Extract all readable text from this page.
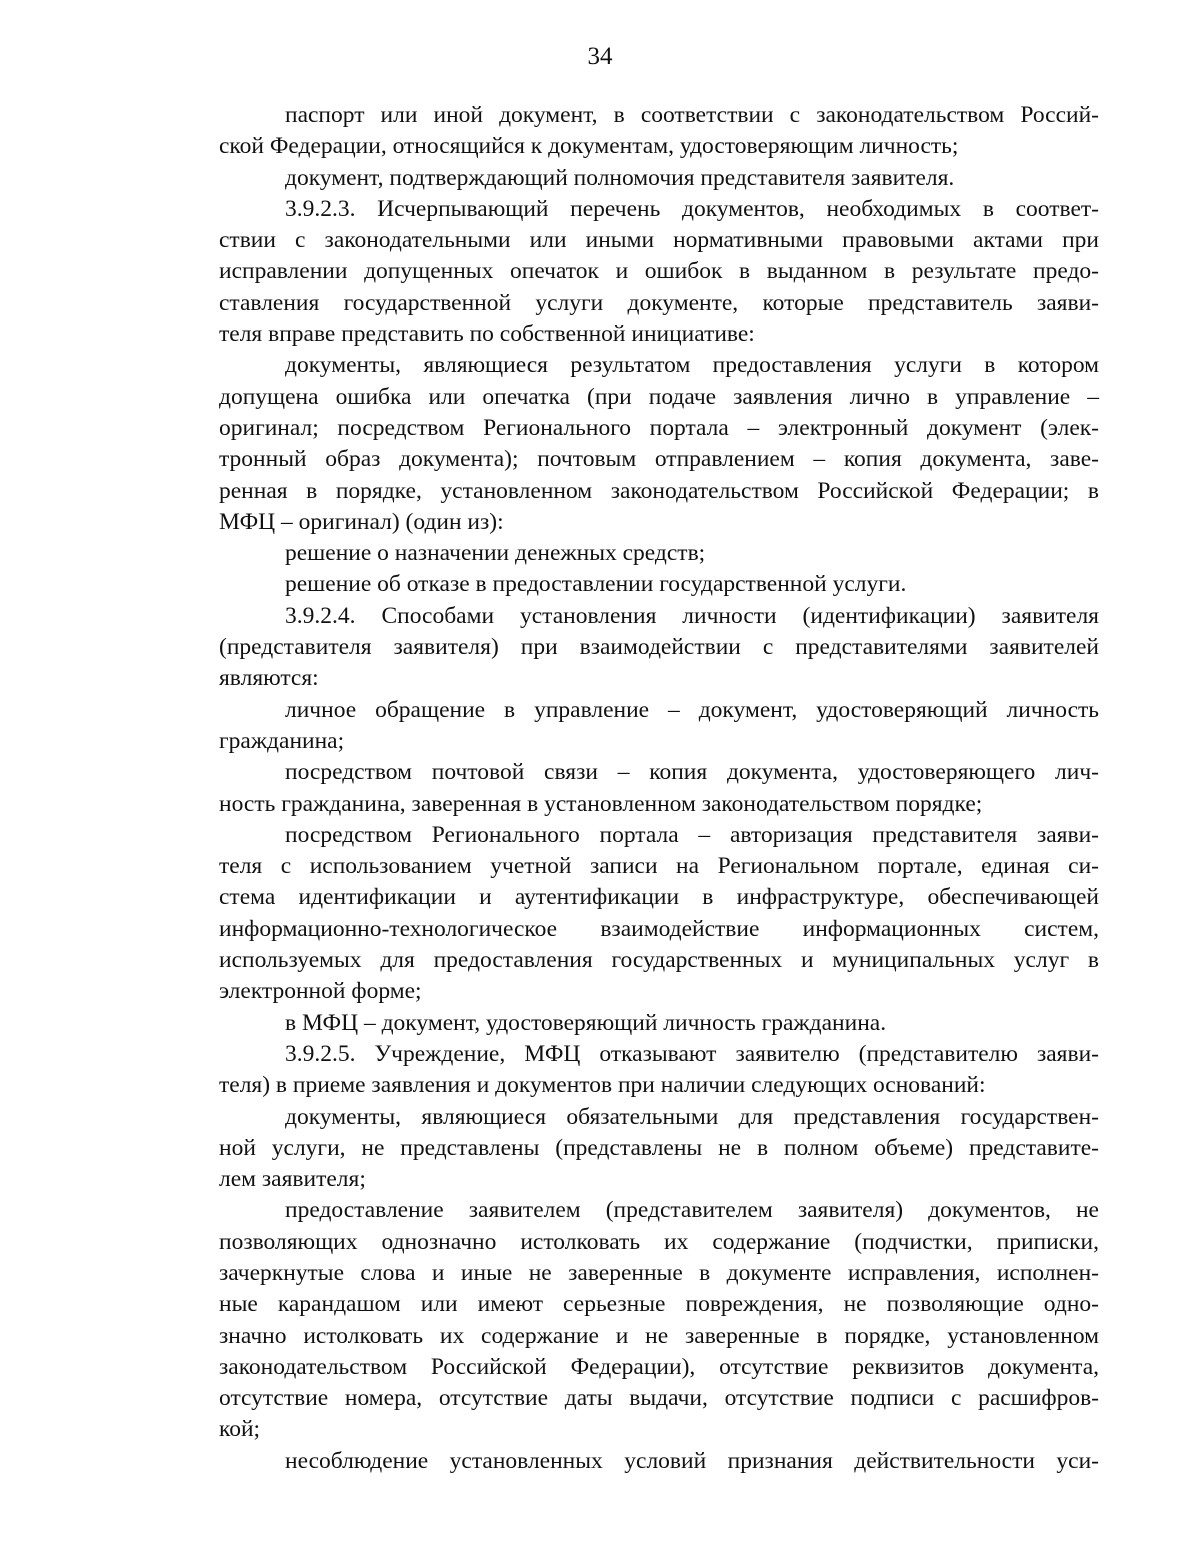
34
паспорт или иной документ, в соответствии с законодательством Россий-
ской Федерации, относящийся к документам, удостоверяющим личность;
документ, подтверждающий полномочия представителя заявителя.
3.9.2.3. Исчерпывающий перечень документов, необходимых в соответ-
ствии с законодательными или иными нормативными правовыми актами при
исправлении допущенных опечаток и ошибок в выданном в результате предо-
ставления государственной услуги документе, которые представитель заяви-
теля вправе представить по собственной инициативе:
документы, являющиеся результатом предоставления услуги в котором
допущена ошибка или опечатка (при подаче заявления лично в управление –
оригинал; посредством Регионального портала – электронный документ (элек-
тронный образ документа); почтовым отправлением – копия документа, заве-
ренная в порядке, установленном законодательством Российской Федерации; в
МФЦ – оригинал) (один из):
решение о назначении денежных средств;
решение об отказе в предоставлении государственной услуги.
3.9.2.4. Способами установления личности (идентификации) заявителя
(представителя заявителя) при взаимодействии с представителями заявителей
являются:
личное обращение в управление – документ, удостоверяющий личность
гражданина;
посредством почтовой связи – копия документа, удостоверяющего лич-
ность гражданина, заверенная в установленном законодательством порядке;
посредством Регионального портала – авторизация представителя заяви-
теля с использованием учетной записи на Региональном портале, единая си-
стема идентификации и аутентификации в инфраструктуре, обеспечивающей
информационно-технологическое взаимодействие информационных систем,
используемых для предоставления государственных и муниципальных услуг в
электронной форме;
в МФЦ – документ, удостоверяющий личность гражданина.
3.9.2.5. Учреждение, МФЦ отказывают заявителю (представителю заяви-
теля) в приеме заявления и документов при наличии следующих оснований:
документы, являющиеся обязательными для представления государствен-
ной услуги, не представлены (представлены не в полном объеме) представите-
лем заявителя;
предоставление заявителем (представителем заявителя) документов, не
позволяющих однозначно истолковать их содержание (подчистки, приписки,
зачеркнутые слова и иные не заверенные в документе исправления, исполнен-
ные карандашом или имеют серьезные повреждения, не позволяющие одно-
значно истолковать их содержание и не заверенные в порядке, установленном
законодательством Российской Федерации), отсутствие реквизитов документа,
отсутствие номера, отсутствие даты выдачи, отсутствие подписи с расшифров-
кой;
несоблюдение установленных условий признания действительности уси-
